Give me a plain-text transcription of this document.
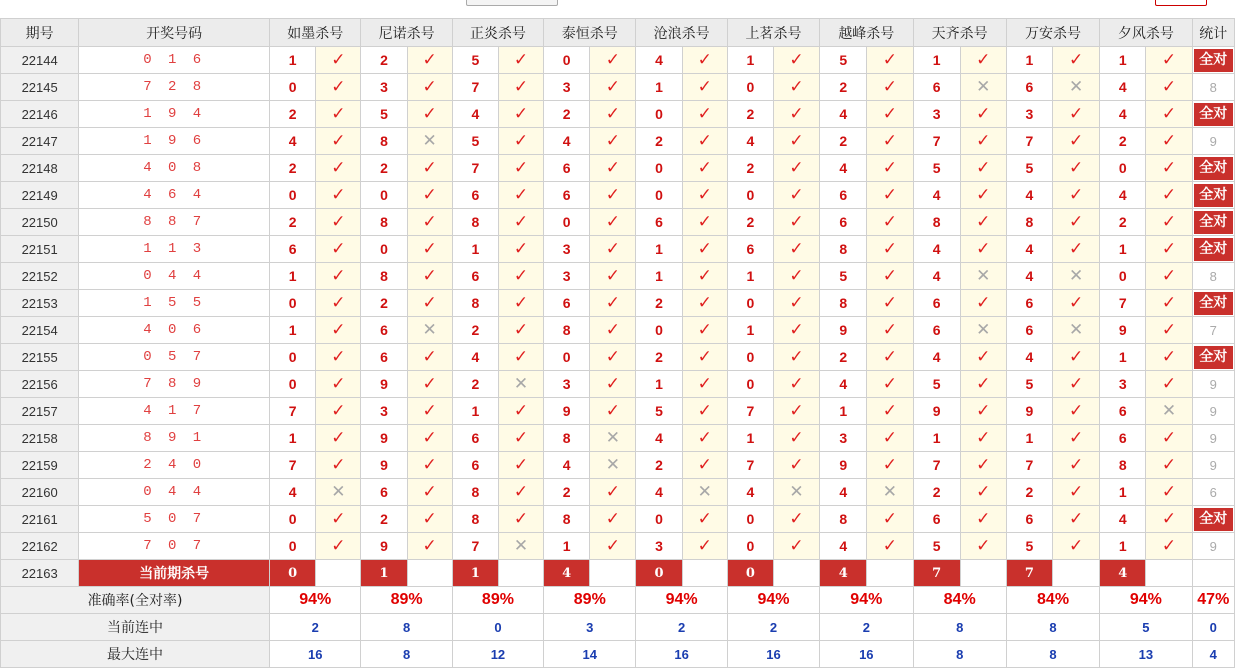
期号	开奖号码	如墨杀号		尼诺杀号		正炎杀号		泰恒杀号		沧浪杀号		上茗杀号		越峰杀号		天齐杀号		万安杀号		夕风杀号		统计
22144	0 1 6	1	✓	2	✓	5	✓	0	✓	4	✓	1	✓	5	✓	1	✓	1	✓	1	✓	全对

22145	7 2 8	0	✓	3	✓	7	✓	3	✓	1	✓	0	✓	2	✓	6	✕	6	✕	4	✓	8
22146	1 9 4	2	✓	5	✓	4	✓	2	✓	0	✓	2	✓	4	✓	3	✓	3	✓	4	✓	全对

22147	1 9 6	4	✓	8	✕	5	✓	4	✓	2	✓	4	✓	2	✓	7	✓	7	✓	2	✓	9
22148	4 0 8	2	✓	2	✓	7	✓	6	✓	0	✓	2	✓	4	✓	5	✓	5	✓	0	✓	全对

22149	4 6 4	0	✓	0	✓	6	✓	6	✓	0	✓	0	✓	6	✓	4	✓	4	✓	4	✓	全对

22150	8 8 7	2	✓	8	✓	8	✓	0	✓	6	✓	2	✓	6	✓	8	✓	8	✓	2	✓	全对

22151	1 1 3	6	✓	0	✓	1	✓	3	✓	1	✓	6	✓	8	✓	4	✓	4	✓	1	✓	全对

22152	0 4 4	1	✓	8	✓	6	✓	3	✓	1	✓	1	✓	5	✓	4	✕	4	✕	0	✓	8
22153	1 5 5	0	✓	2	✓	8	✓	6	✓	2	✓	0	✓	8	✓	6	✓	6	✓	7	✓	全对

22154	4 0 6	1	✓	6	✕	2	✓	8	✓	0	✓	1	✓	9	✓	6	✕	6	✕	9	✓	7
22155	0 5 7	0	✓	6	✓	4	✓	0	✓	2	✓	0	✓	2	✓	4	✓	4	✓	1	✓	全对

22156	7 8 9	0	✓	9	✓	2	✕	3	✓	1	✓	0	✓	4	✓	5	✓	5	✓	3	✓	9
22157	4 1 7	7	✓	3	✓	1	✓	9	✓	5	✓	7	✓	1	✓	9	✓	9	✓	6	✕	9
22158	8 9 1	1	✓	9	✓	6	✓	8	✕	4	✓	1	✓	3	✓	1	✓	1	✓	6	✓	9
22159	2 4 0	7	✓	9	✓	6	✓	4	✕	2	✓	7	✓	9	✓	7	✓	7	✓	8	✓	9
22160	0 4 4	4	✕	6	✓	8	✓	2	✓	4	✕	4	✕	4	✕	2	✓	2	✓	1	✓	6
22161	5 0 7	0	✓	2	✓	8	✓	8	✓	0	✓	0	✓	8	✓	6	✓	6	✓	4	✓	全对

22162	7 0 7	0	✓	9	✓	7	✕	1	✓	3	✓	0	✓	4	✓	5	✓	5	✓	1	✓	9
22163	当前期杀号	0		1		1		4		0		0		4		7		7		4		
准确率(全对率)		94%		89%		89%		89%		94%		94%		94%		84%		84%		94%		47%
当前连中		2		8		0		3		2		2		2		8		8		5		0
最大连中		16		8		12		14		16		16		16		8		8		13		4
